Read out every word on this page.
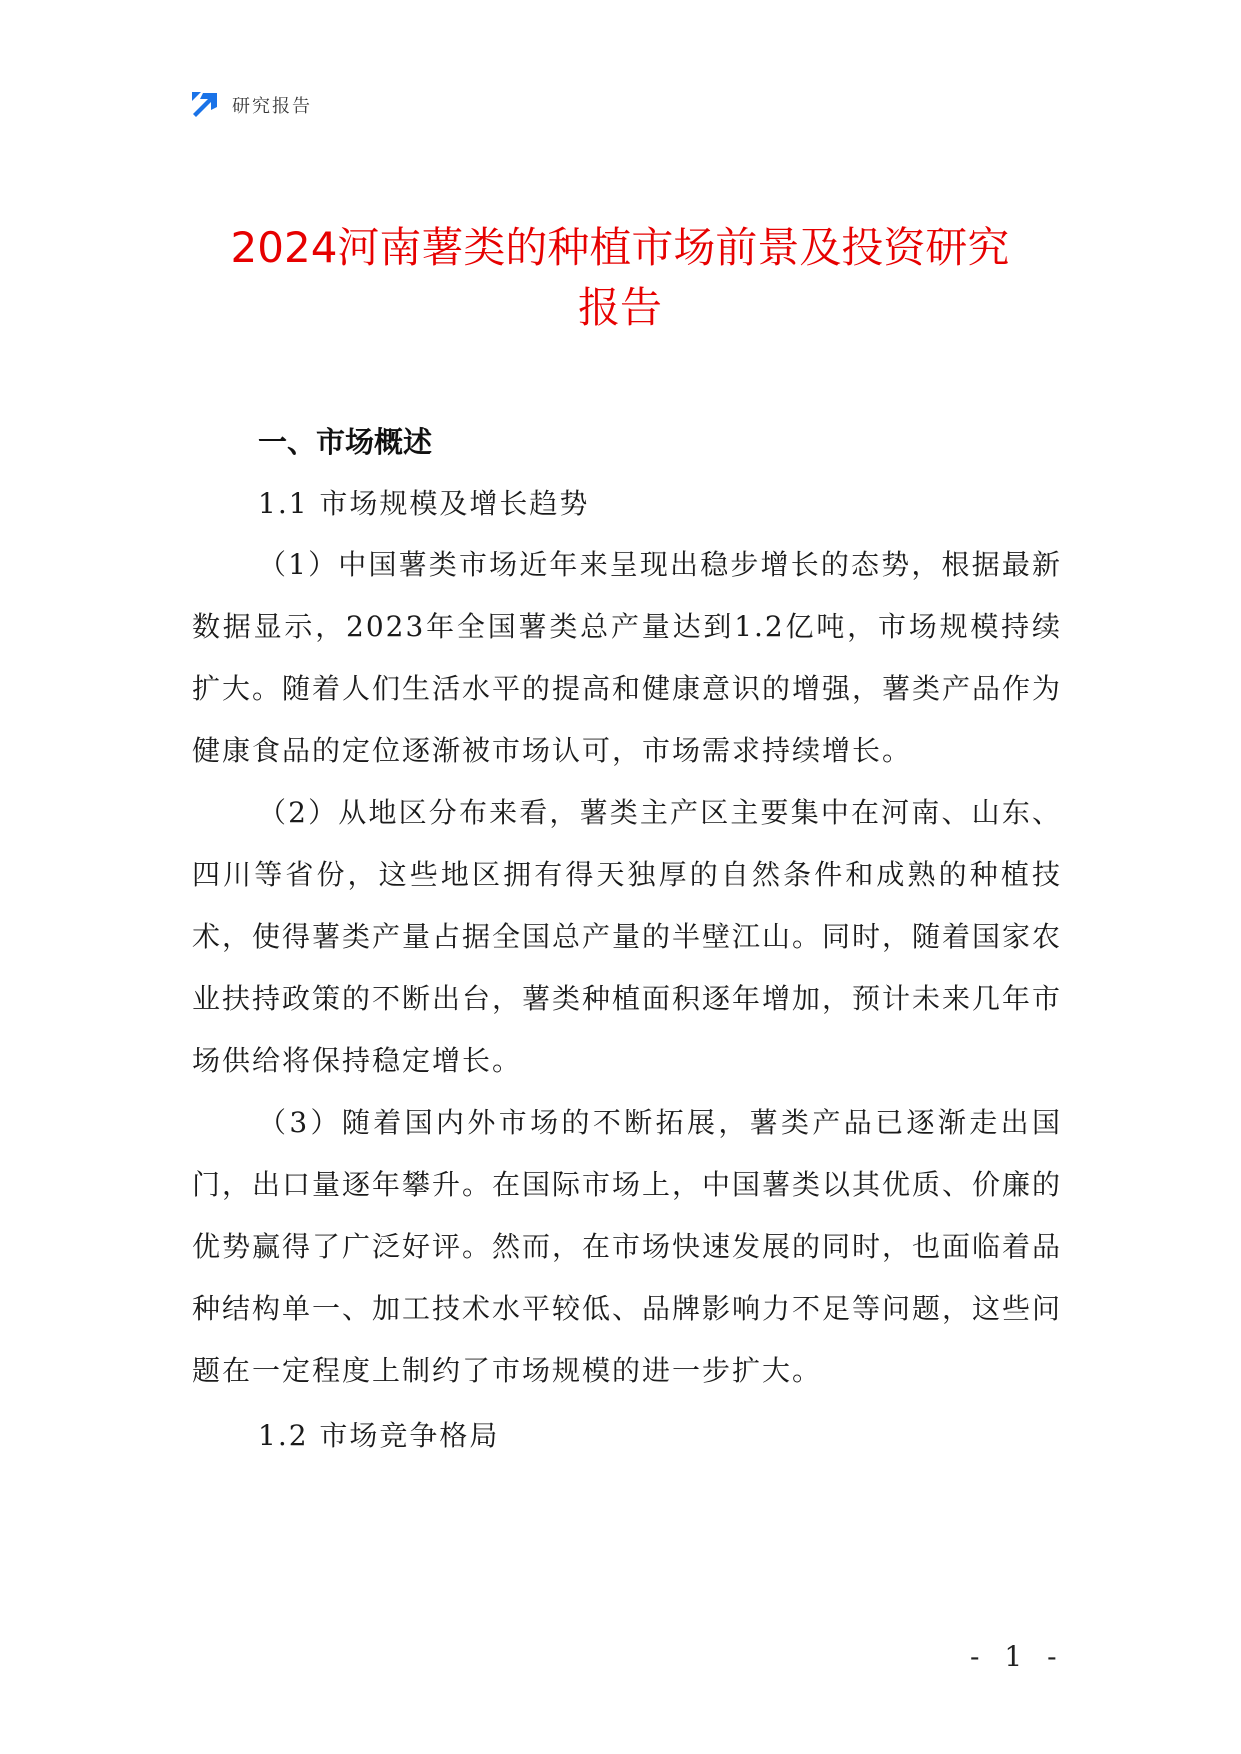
研究报告
2024河南薯类的种植市场前景及投资研究
报告
一、市场概述
1.1 市场规模及增长趋势

（1）中国薯类市场近年来呈现出稳步增长的态势，根据最新数据显示，2023年全国薯类总产量达到1.2亿吨，市场规模持续扩大。随着人们生活水平的提高和健康意识的增强，薯类产品作为健康食品的定位逐渐被市场认可，市场需求持续增长。

（2）从地区分布来看，薯类主产区主要集中在河南、山东、四川等省份，这些地区拥有得天独厚的自然条件和成熟的种植技术，使得薯类产量占据全国总产量的半壁江山。同时，随着国家农业扶持政策的不断出台，薯类种植面积逐年增加，预计未来几年市场供给将保持稳定增长。

（3）随着国内外市场的不断拓展，薯类产品已逐渐走出国门，出口量逐年攀升。在国际市场上，中国薯类以其优质、价廉的优势赢得了广泛好评。然而，在市场快速发展的同时，也面临着品种结构单一、加工技术水平较低、品牌影响力不足等问题，这些问题在一定程度上制约了市场规模的进一步扩大。

1.2 市场竞争格局
- 1 -
